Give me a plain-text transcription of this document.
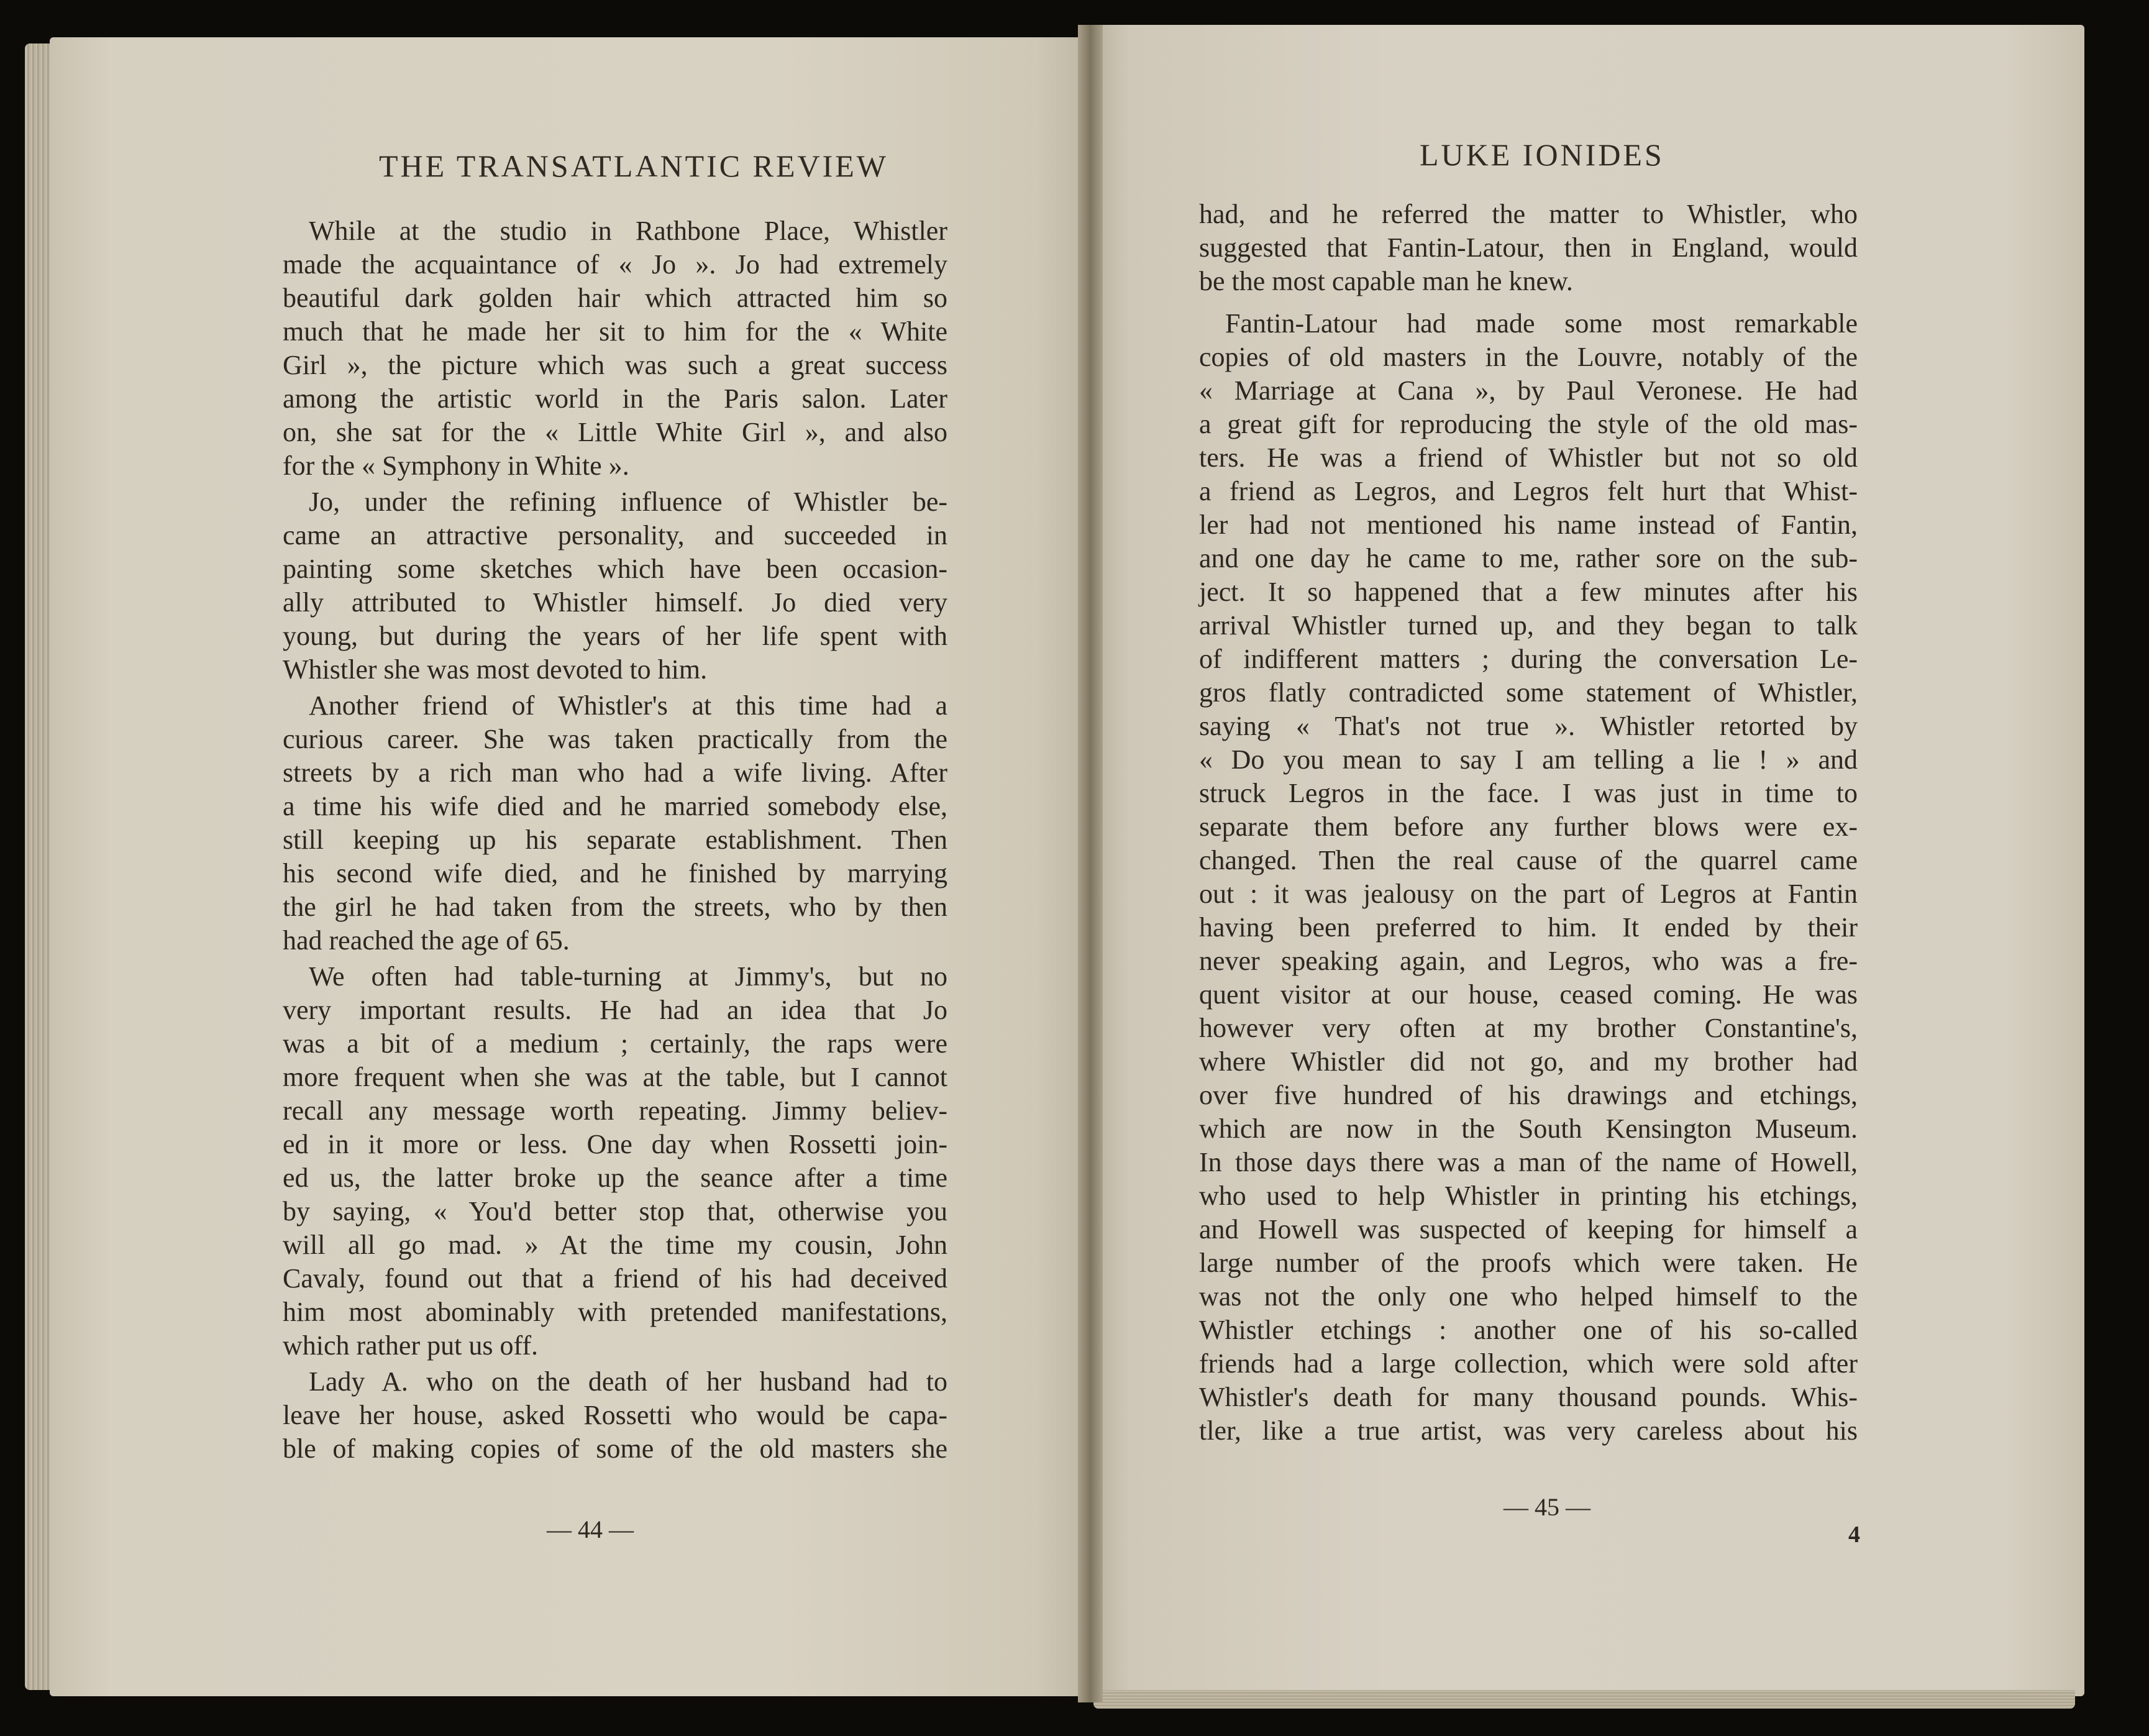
THE TRANSATLANTIC REVIEW
While at the studio in Rathbone Place, Whistler
made the acquaintance of « Jo ». Jo had extremely
beautiful dark golden hair which attracted him so
much that he made her sit to him for the « White
Girl », the picture which was such a great success
among the artistic world in the Paris salon. Later
on, she sat for the « Little White Girl », and also
for the « Symphony in White ».
Jo, under the refining influence of Whistler be-
came an attractive personality, and succeeded in
painting some sketches which have been occasion-
ally attributed to Whistler himself. Jo died very
young, but during the years of her life spent with
Whistler she was most devoted to him.
Another friend of Whistler's at this time had a
curious career. She was taken practically from the
streets by a rich man who had a wife living. After
a time his wife died and he married somebody else,
still keeping up his separate establishment. Then
his second wife died, and he finished by marrying
the girl he had taken from the streets, who by then
had reached the age of 65.
We often had table-turning at Jimmy's, but no
very important results. He had an idea that Jo
was a bit of a medium ; certainly, the raps were
more frequent when she was at the table, but I cannot
recall any message worth repeating. Jimmy believ-
ed in it more or less. One day when Rossetti join-
ed us, the latter broke up the seance after a time
by saying, « You'd better stop that, otherwise you
will all go mad. » At the time my cousin, John
Cavaly, found out that a friend of his had deceived
him most abominably with pretended manifestations,
which rather put us off.
Lady A. who on the death of her husband had to
leave her house, asked Rossetti who would be capa-
ble of making copies of some of the old masters she
— 44 —
LUKE IONIDES
had, and he referred the matter to Whistler, who
suggested that Fantin-Latour, then in England, would
be the most capable man he knew.
Fantin-Latour had made some most remarkable
copies of old masters in the Louvre, notably of the
« Marriage at Cana », by Paul Veronese. He had
a great gift for reproducing the style of the old mas-
ters. He was a friend of Whistler but not so old
a friend as Legros, and Legros felt hurt that Whist-
ler had not mentioned his name instead of Fantin,
and one day he came to me, rather sore on the sub-
ject. It so happened that a few minutes after his
arrival Whistler turned up, and they began to talk
of indifferent matters ; during the conversation Le-
gros flatly contradicted some statement of Whistler,
saying « That's not true ». Whistler retorted by
« Do you mean to say I am telling a lie ! » and
struck Legros in the face. I was just in time to
separate them before any further blows were ex-
changed. Then the real cause of the quarrel came
out : it was jealousy on the part of Legros at Fantin
having been preferred to him. It ended by their
never speaking again, and Legros, who was a fre-
quent visitor at our house, ceased coming. He was
however very often at my brother Constantine's,
where Whistler did not go, and my brother had
over five hundred of his drawings and etchings,
which are now in the South Kensington Museum.
In those days there was a man of the name of Howell,
who used to help Whistler in printing his etchings,
and Howell was suspected of keeping for himself a
large number of the proofs which were taken. He
was not the only one who helped himself to the
Whistler etchings : another one of his so-called
friends had a large collection, which were sold after
Whistler's death for many thousand pounds. Whis-
tler, like a true artist, was very careless about his
— 45 —
4
